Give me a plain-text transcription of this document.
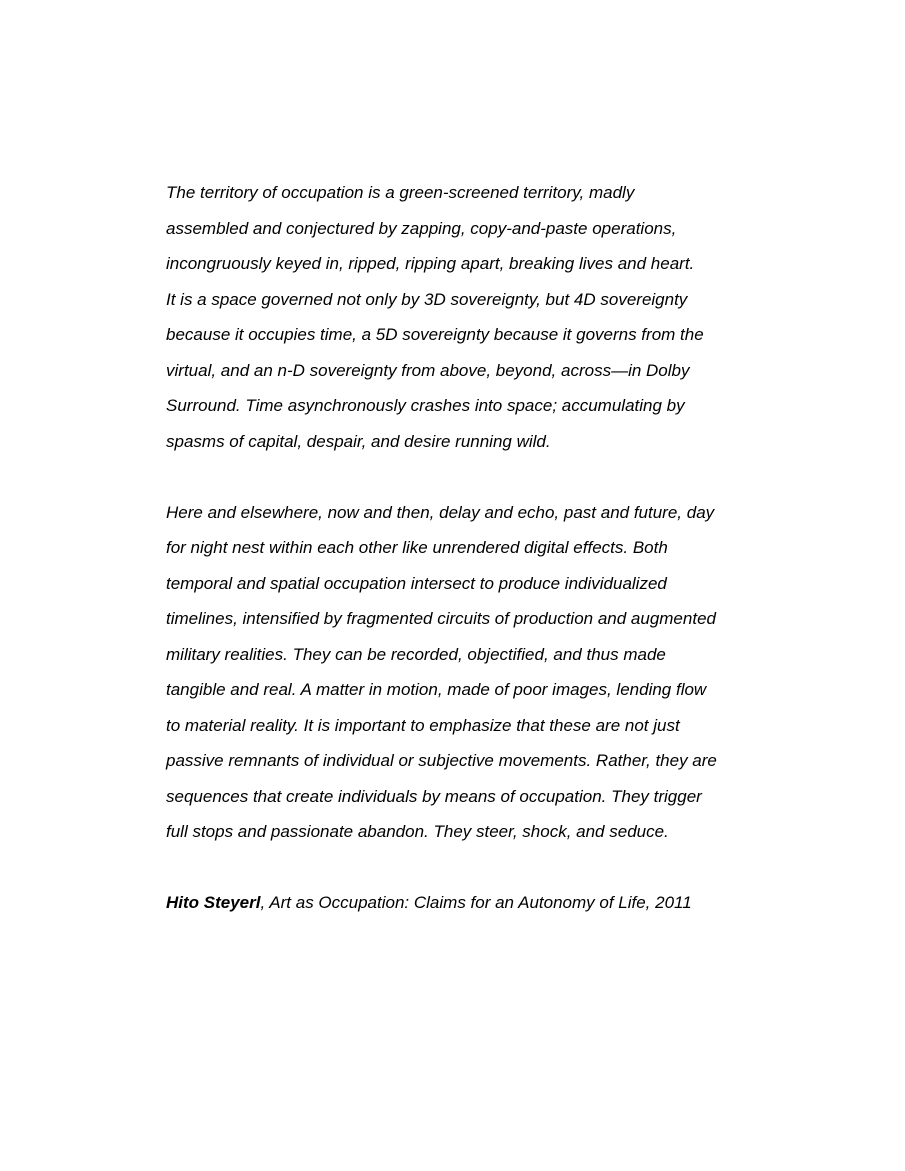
The territory of occupation is a green-screened territory, madly
assembled and conjectured by zapping, copy-and-paste operations,
incongruously keyed in, ripped, ripping apart, breaking lives and heart.
It is a space governed not only by 3D sovereignty, but 4D sovereignty
because it occupies time, a 5D sovereignty because it governs from the
virtual, and an n-D sovereignty from above, beyond, across—in Dolby
Surround. Time asynchronously crashes into space; accumulating by
spasms of capital, despair, and desire running wild.
Here and elsewhere, now and then, delay and echo, past and future, day
for night nest within each other like unrendered digital effects. Both
temporal and spatial occupation intersect to produce individualized
timelines, intensified by fragmented circuits of production and augmented
military realities. They can be recorded, objectified, and thus made
tangible and real. A matter in motion, made of poor images, lending flow
to material reality. It is important to emphasize that these are not just
passive remnants of individual or subjective movements. Rather, they are
sequences that create individuals by means of occupation. They trigger
full stops and passionate abandon. They steer, shock, and seduce.
Hito Steyerl, Art as Occupation: Claims for an Autonomy of Life, 2011
